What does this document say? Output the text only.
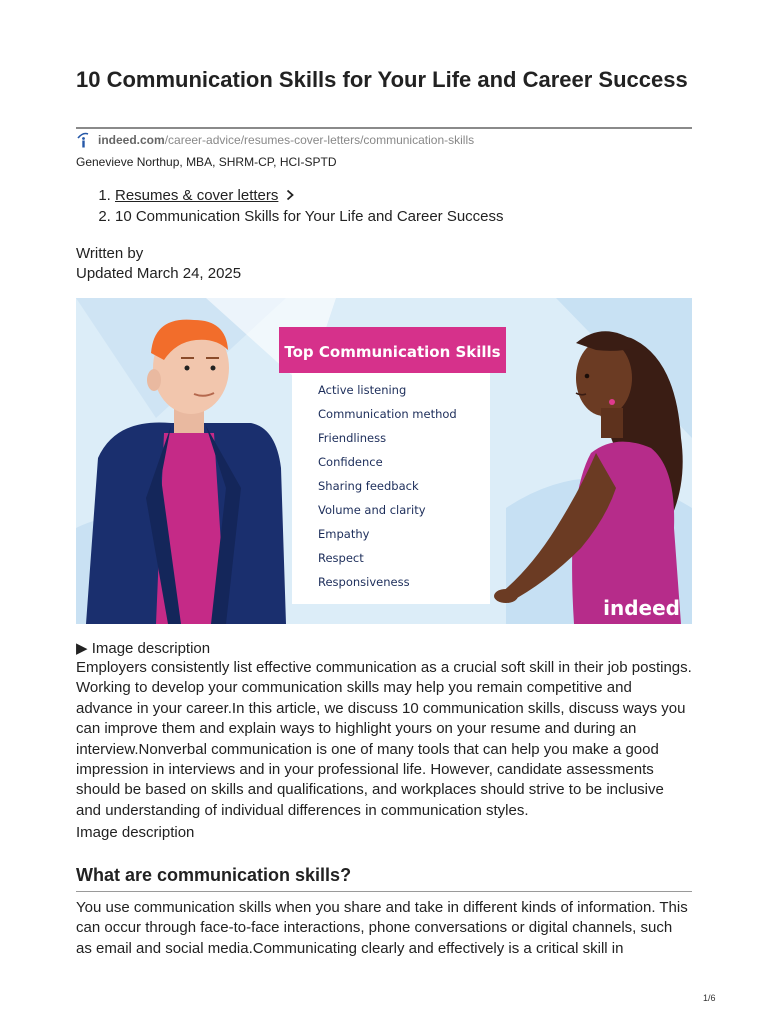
10 Communication Skills for Your Life and Career Success
indeed.com /career-advice/resumes-cover-letters/communication-skills
Genevieve Northup, MBA, SHRM-CP, HCI-SPTD
1. Resumes & cover letters
2. 10 Communication Skills for Your Life and Career Success
Written by
Updated March 24, 2025
Top Communication Skills
Active listening
Communication method
Friendliness
Confidence
Sharing feedback
Volume and clarity
Empathy
Respect
Responsiveness
indeed
▶ Image description

Employers consistently list effective communication as a crucial soft skill in their job postings. Working to develop your communication skills may help you remain competitive and advance in your career.In this article, we discuss 10 communication skills, discuss ways you can improve them and explain ways to highlight yours on your resume and during an interview.Nonverbal communication is one of many tools that can help you make a good impression in interviews and in your professional life. However, candidate assessments should be based on skills and qualifications, and workplaces should strive to be inclusive and understanding of individual differences in communication styles.

Image description
What are communication skills?

You use communication skills when you share and take in different kinds of information. This can occur through face-to-face interactions, phone conversations or digital channels, such as email and social media.Communicating clearly and effectively is a critical skill in

1/6
